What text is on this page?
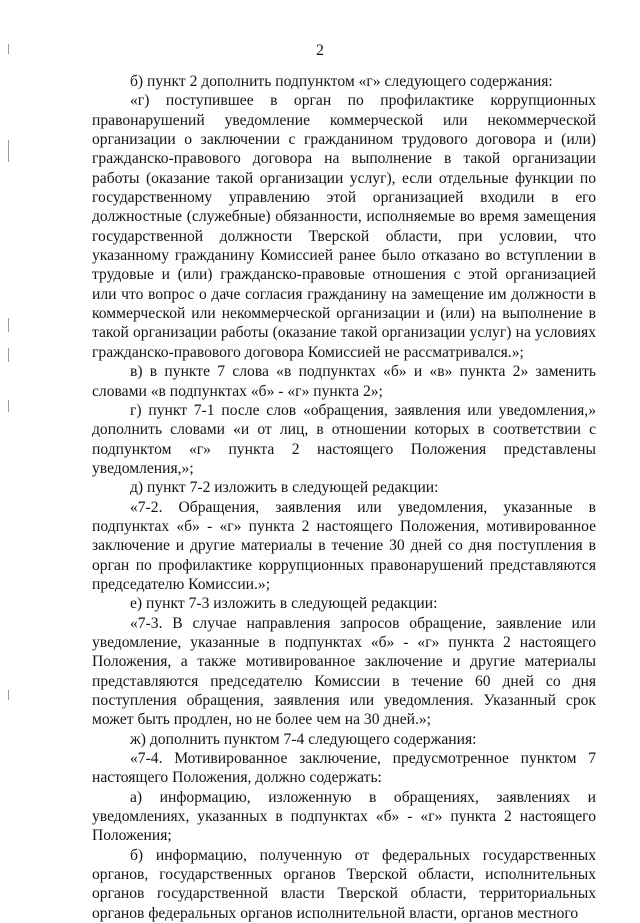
2

б) пункт 2 дополнить подпунктом «г» следующего содержания:

«г) поступившее в орган по профилактике коррупционных правонарушений уведомление коммерческой или некоммерческой организации о заключении с гражданином трудового договора и (или) гражданско-правового договора на выполнение в такой организации работы (оказание такой организации услуг), если отдельные функции по государственному управлению этой организацией входили в его должностные (служебные) обязанности, исполняемые во время замещения государственной должности Тверской области, при условии, что указанному гражданину Комиссией ранее было отказано во вступлении в трудовые и (или) гражданско-правовые отношения с этой организацией или что вопрос о даче согласия гражданину на замещение им должности в коммерческой или некоммерческой организации и (или) на выполнение в такой организации работы (оказание такой организации услуг) на условиях гражданско-правового договора Комиссией не рассматривался.»;

в) в пункте 7 слова «в подпунктах «б» и «в» пункта 2» заменить словами «в подпунктах «б» - «г» пункта 2»;

г) пункт 7-1 после слов «обращения, заявления или уведомления,» дополнить словами «и от лиц, в отношении которых в соответствии с подпунктом «г» пункта 2 настоящего Положения представлены уведомления,»;

д) пункт 7-2 изложить в следующей редакции:

«7-2. Обращения, заявления или уведомления, указанные в подпунктах «б» - «г» пункта 2 настоящего Положения, мотивированное заключение и другие материалы в течение 30 дней со дня поступления в орган по профилактике коррупционных правонарушений представляются председателю Комиссии.»;

е) пункт 7-3 изложить в следующей редакции:

«7-3. В случае направления запросов обращение, заявление или уведомление, указанные в подпунктах «б» - «г» пункта 2 настоящего Положения, а также мотивированное заключение и другие материалы представляются председателю Комиссии в течение 60 дней со дня поступления обращения, заявления или уведомления. Указанный срок может быть продлен, но не более чем на 30 дней.»;

ж) дополнить пунктом 7-4 следующего содержания:

«7-4. Мотивированное заключение, предусмотренное пунктом 7 настоящего Положения, должно содержать:

а) информацию, изложенную в обращениях, заявлениях и уведомлениях, указанных в подпунктах «б» - «г» пункта 2 настоящего Положения;

б) информацию, полученную от федеральных государственных органов, государственных органов Тверской области, исполнительных органов государственной власти Тверской области, территориальных органов федеральных органов исполнительной власти, органов местного
